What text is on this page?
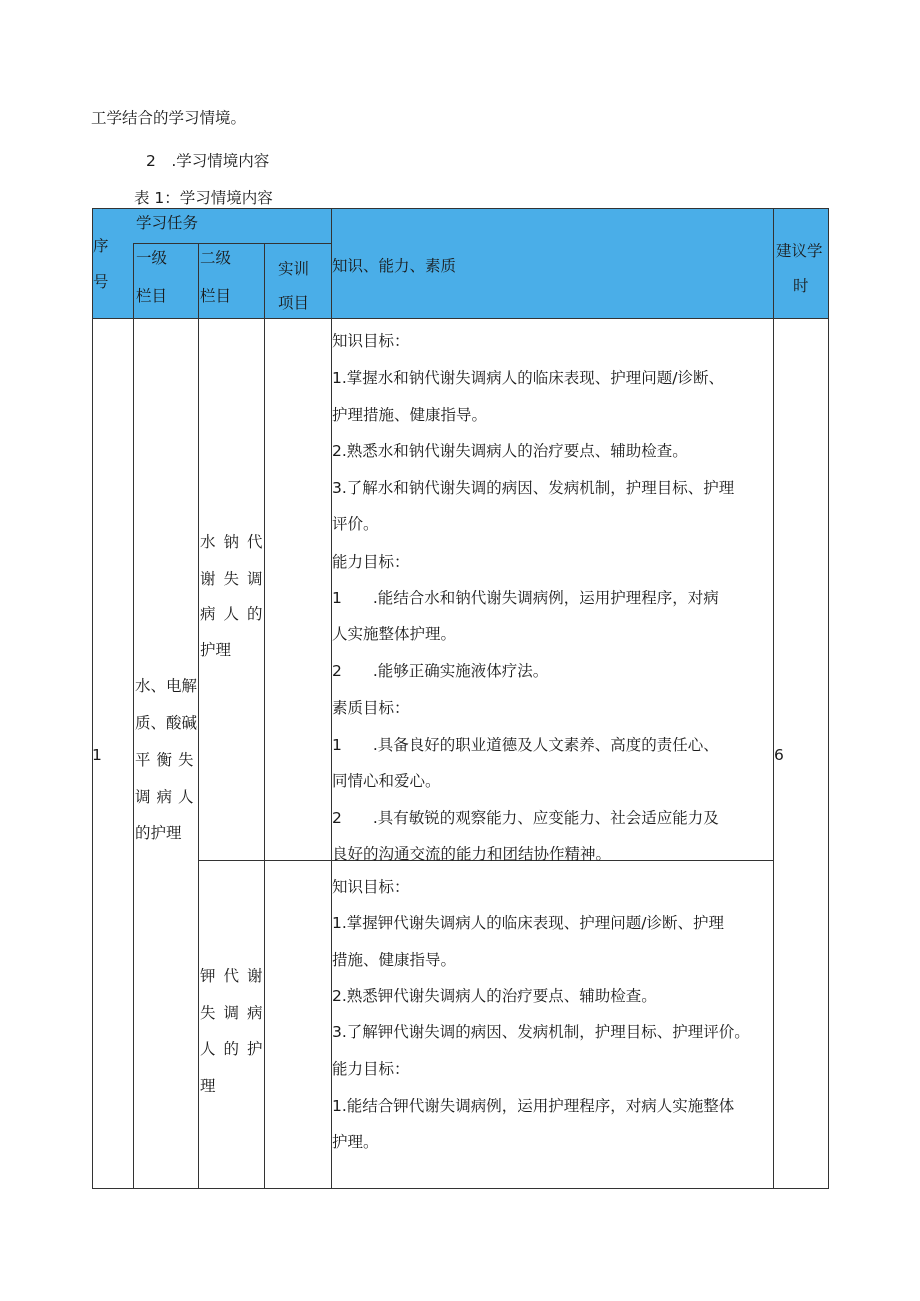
工学结合的学习情境。
2　.学习情境内容
表 1：学习情境内容
序
号
学习任务
一级
栏目
二级
栏目
实训
项目
知识、能力、素质
建议学
时
1	6
水、电解
质、酸碱
平衡失
调病人
的护理
水钠代
谢失调
病人的
护理
知识目标：
1.掌握水和钠代谢失调病人的临床表现、护理问题/诊断、
护理措施、健康指导。
2.熟悉水和钠代谢失调病人的治疗要点、辅助检查。
3.了解水和钠代谢失调的病因、发病机制，护理目标、护理
评价。
能力目标：
1　　.能结合水和钠代谢失调病例，运用护理程序，对病
人实施整体护理。
2　　.能够正确实施液体疗法。
素质目标：
1　　.具备良好的职业道德及人文素养、高度的责任心、
同情心和爱心。
2　　.具有敏锐的观察能力、应变能力、社会适应能力及
良好的沟通交流的能力和团结协作精神。
钾代谢
失调病
人的护
理
知识目标：
1.掌握钾代谢失调病人的临床表现、护理问题/诊断、护理
措施、健康指导。
2.熟悉钾代谢失调病人的治疗要点、辅助检查。
3.了解钾代谢失调的病因、发病机制，护理目标、护理评价。
能力目标：
1.能结合钾代谢失调病例，运用护理程序，对病人实施整体
护理。
